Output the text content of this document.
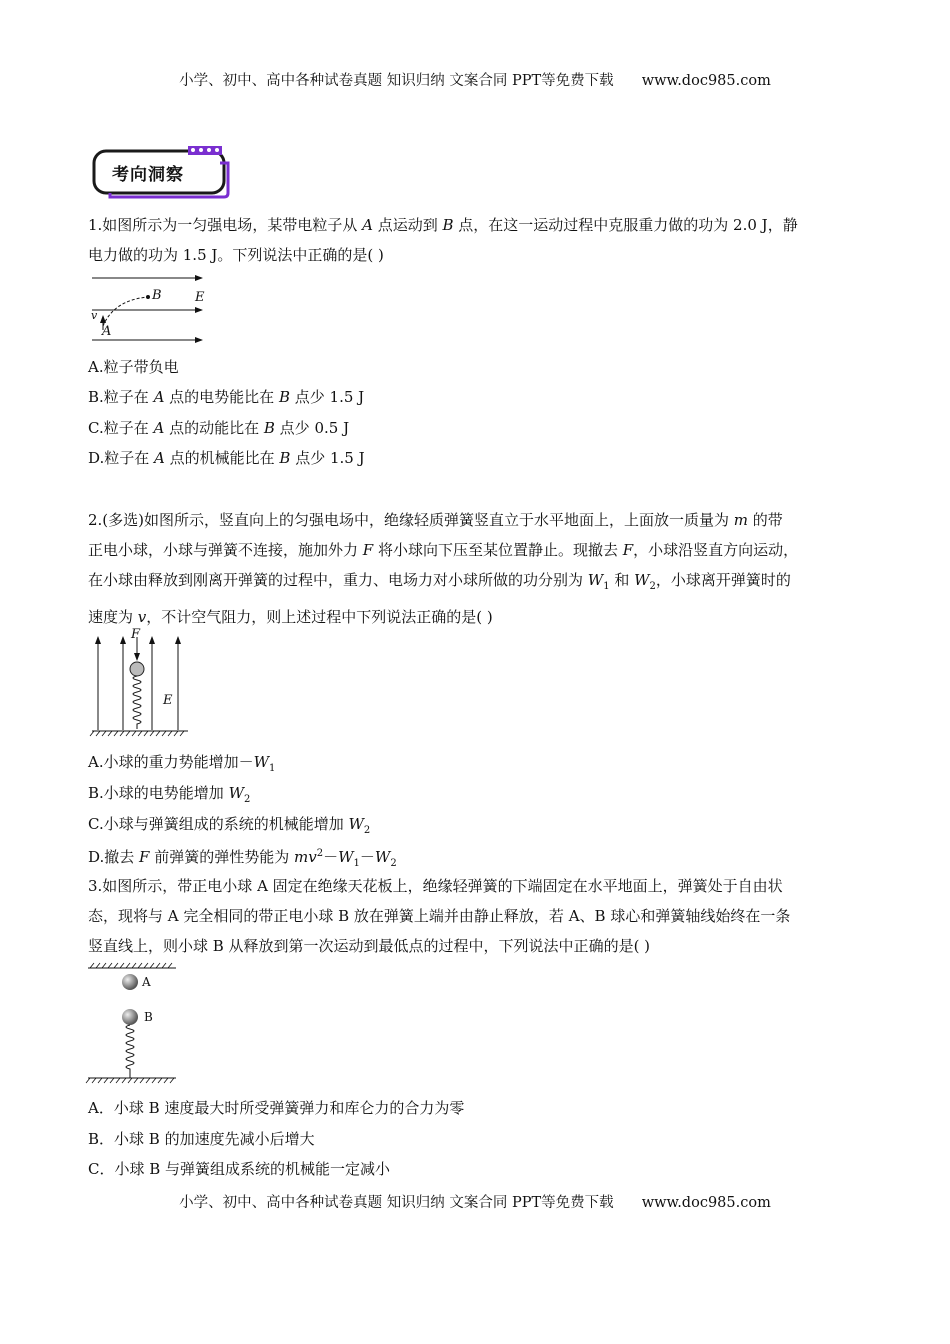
小学、初中、高中各种试卷真题 知识归纳 文案合同 PPT等免费下载 www.doc985.com
考向洞察
1.如图所示为一匀强电场，某带电粒子从 A 点运动到 B 点，在这一运动过程中克服重力做的功为 2.0 J，静
电力做的功为 1.5 J。下列说法中正确的是( )
B	E
v
A
A.粒子带负电
B.粒子在 A 点的电势能比在 B 点少 1.5 J
C.粒子在 A 点的动能比在 B 点少 0.5 J
D.粒子在 A 点的机械能比在 B 点少 1.5 J
2.(多选)如图所示，竖直向上的匀强电场中，绝缘轻质弹簧竖直立于水平地面上，上面放一质量为 m 的带
正电小球，小球与弹簧不连接，施加外力 F 将小球向下压至某位置静止。现撤去 F，小球沿竖直方向运动，
在小球由释放到刚离开弹簧的过程中，重力、电场力对小球所做的功分别为 $W_1$ 和 $W_2$，小球离开弹簧时的
速度为 v，不计空气阻力，则上述过程中下列说法正确的是( )
F
E
A.小球的重力势能增加$-W_1$
B.小球的电势能增加 $W_2$
C.小球与弹簧组成的系统的机械能增加 $W_2$
D.撤去 F 前弹簧的弹性势能为 $mv^2-W_1-W_2$
3.如图所示，带正电小球 A 固定在绝缘天花板上，绝缘轻弹簧的下端固定在水平地面上，弹簧处于自由状
态，现将与 A 完全相同的带正电小球 B 放在弹簧上端并由静止释放，若 A、B 球心和弹簧轴线始终在一条
竖直线上，则小球 B 从释放到第一次运动到最低点的过程中，下列说法中正确的是( )
A
B
A．小球 B 速度最大时所受弹簧弹力和库仑力的合力为零
B．小球 B 的加速度先减小后增大
C．小球 B 与弹簧组成系统的机械能一定减小
小学、初中、高中各种试卷真题 知识归纳 文案合同 PPT等免费下载 www.doc985.com
